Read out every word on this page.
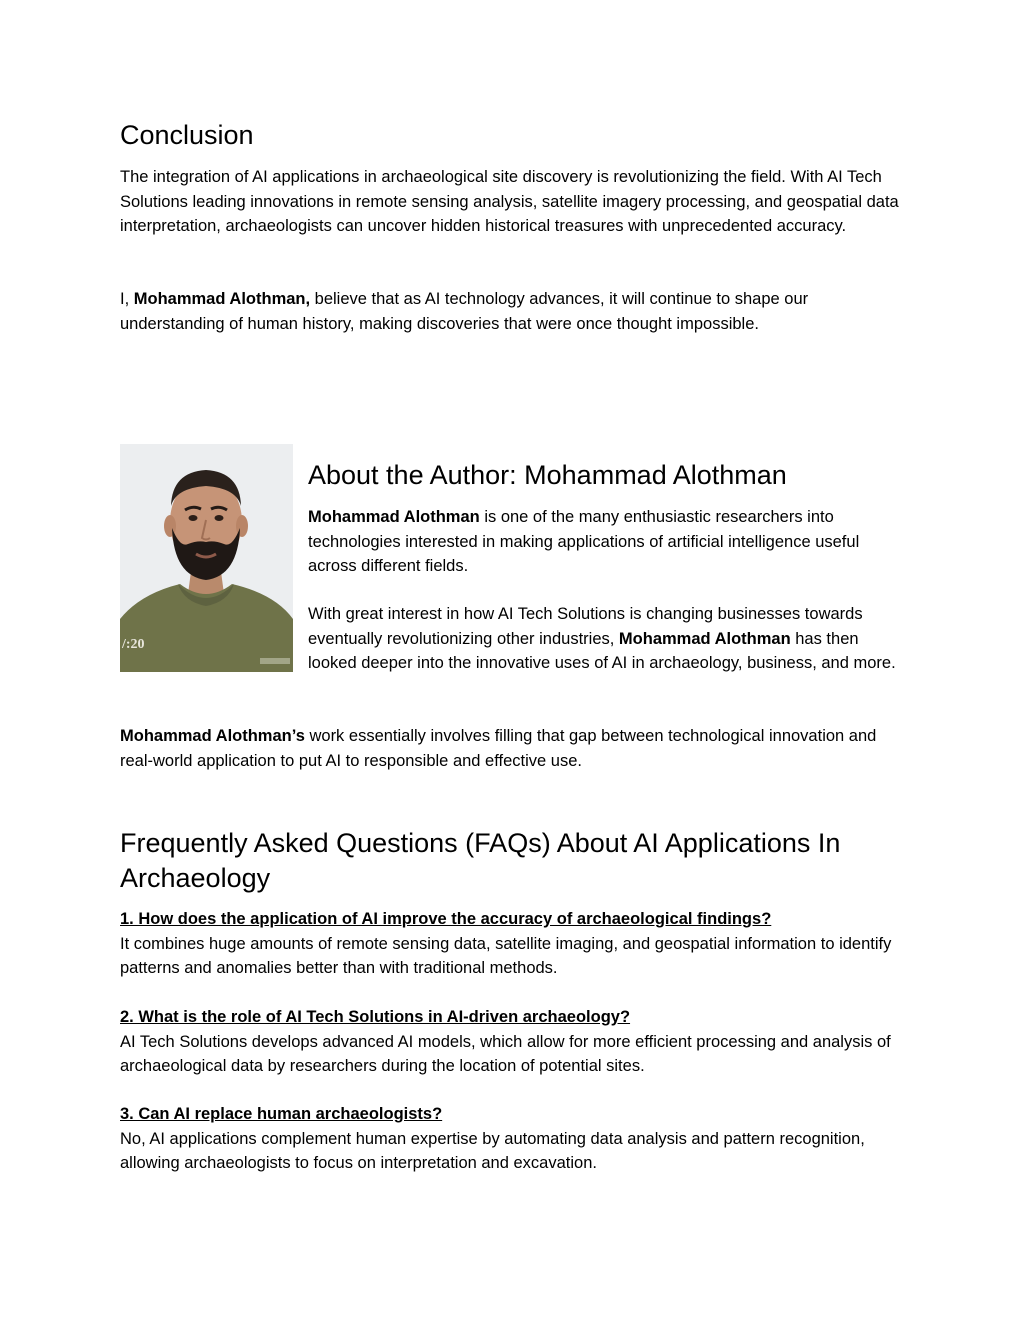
Conclusion

The integration of AI applications in archaeological site discovery is revolutionizing the field. With AI Tech Solutions leading innovations in remote sensing analysis, satellite imagery processing, and geospatial data interpretation, archaeologists can uncover hidden historical treasures with unprecedented accuracy.

I, Mohammad Alothman, believe that as AI technology advances, it will continue to shape our understanding of human history, making discoveries that were once thought impossible.

/:20
About the Author: Mohammad Alothman

Mohammad Alothman is one of the many enthusiastic researchers into technologies interested in making applications of artificial intelligence useful across different fields.

With great interest in how AI Tech Solutions is changing businesses towards eventually revolutionizing other industries, Mohammad Alothman has then looked deeper into the innovative uses of AI in archaeology, business, and more.

Mohammad Alothman’s work essentially involves filling that gap between technological innovation and real-world application to put AI to responsible and effective use.

Frequently Asked Questions (FAQs) About AI Applications In Archaeology

1. How does the application of AI improve the accuracy of archaeological findings?

It combines huge amounts of remote sensing data, satellite imaging, and geospatial information to identify patterns and anomalies better than with traditional methods.

2. What is the role of AI Tech Solutions in AI-driven archaeology?

AI Tech Solutions develops advanced AI models, which allow for more efficient processing and analysis of archaeological data by researchers during the location of potential sites.

3. Can AI replace human archaeologists?

No, AI applications complement human expertise by automating data analysis and pattern recognition, allowing archaeologists to focus on interpretation and excavation.
